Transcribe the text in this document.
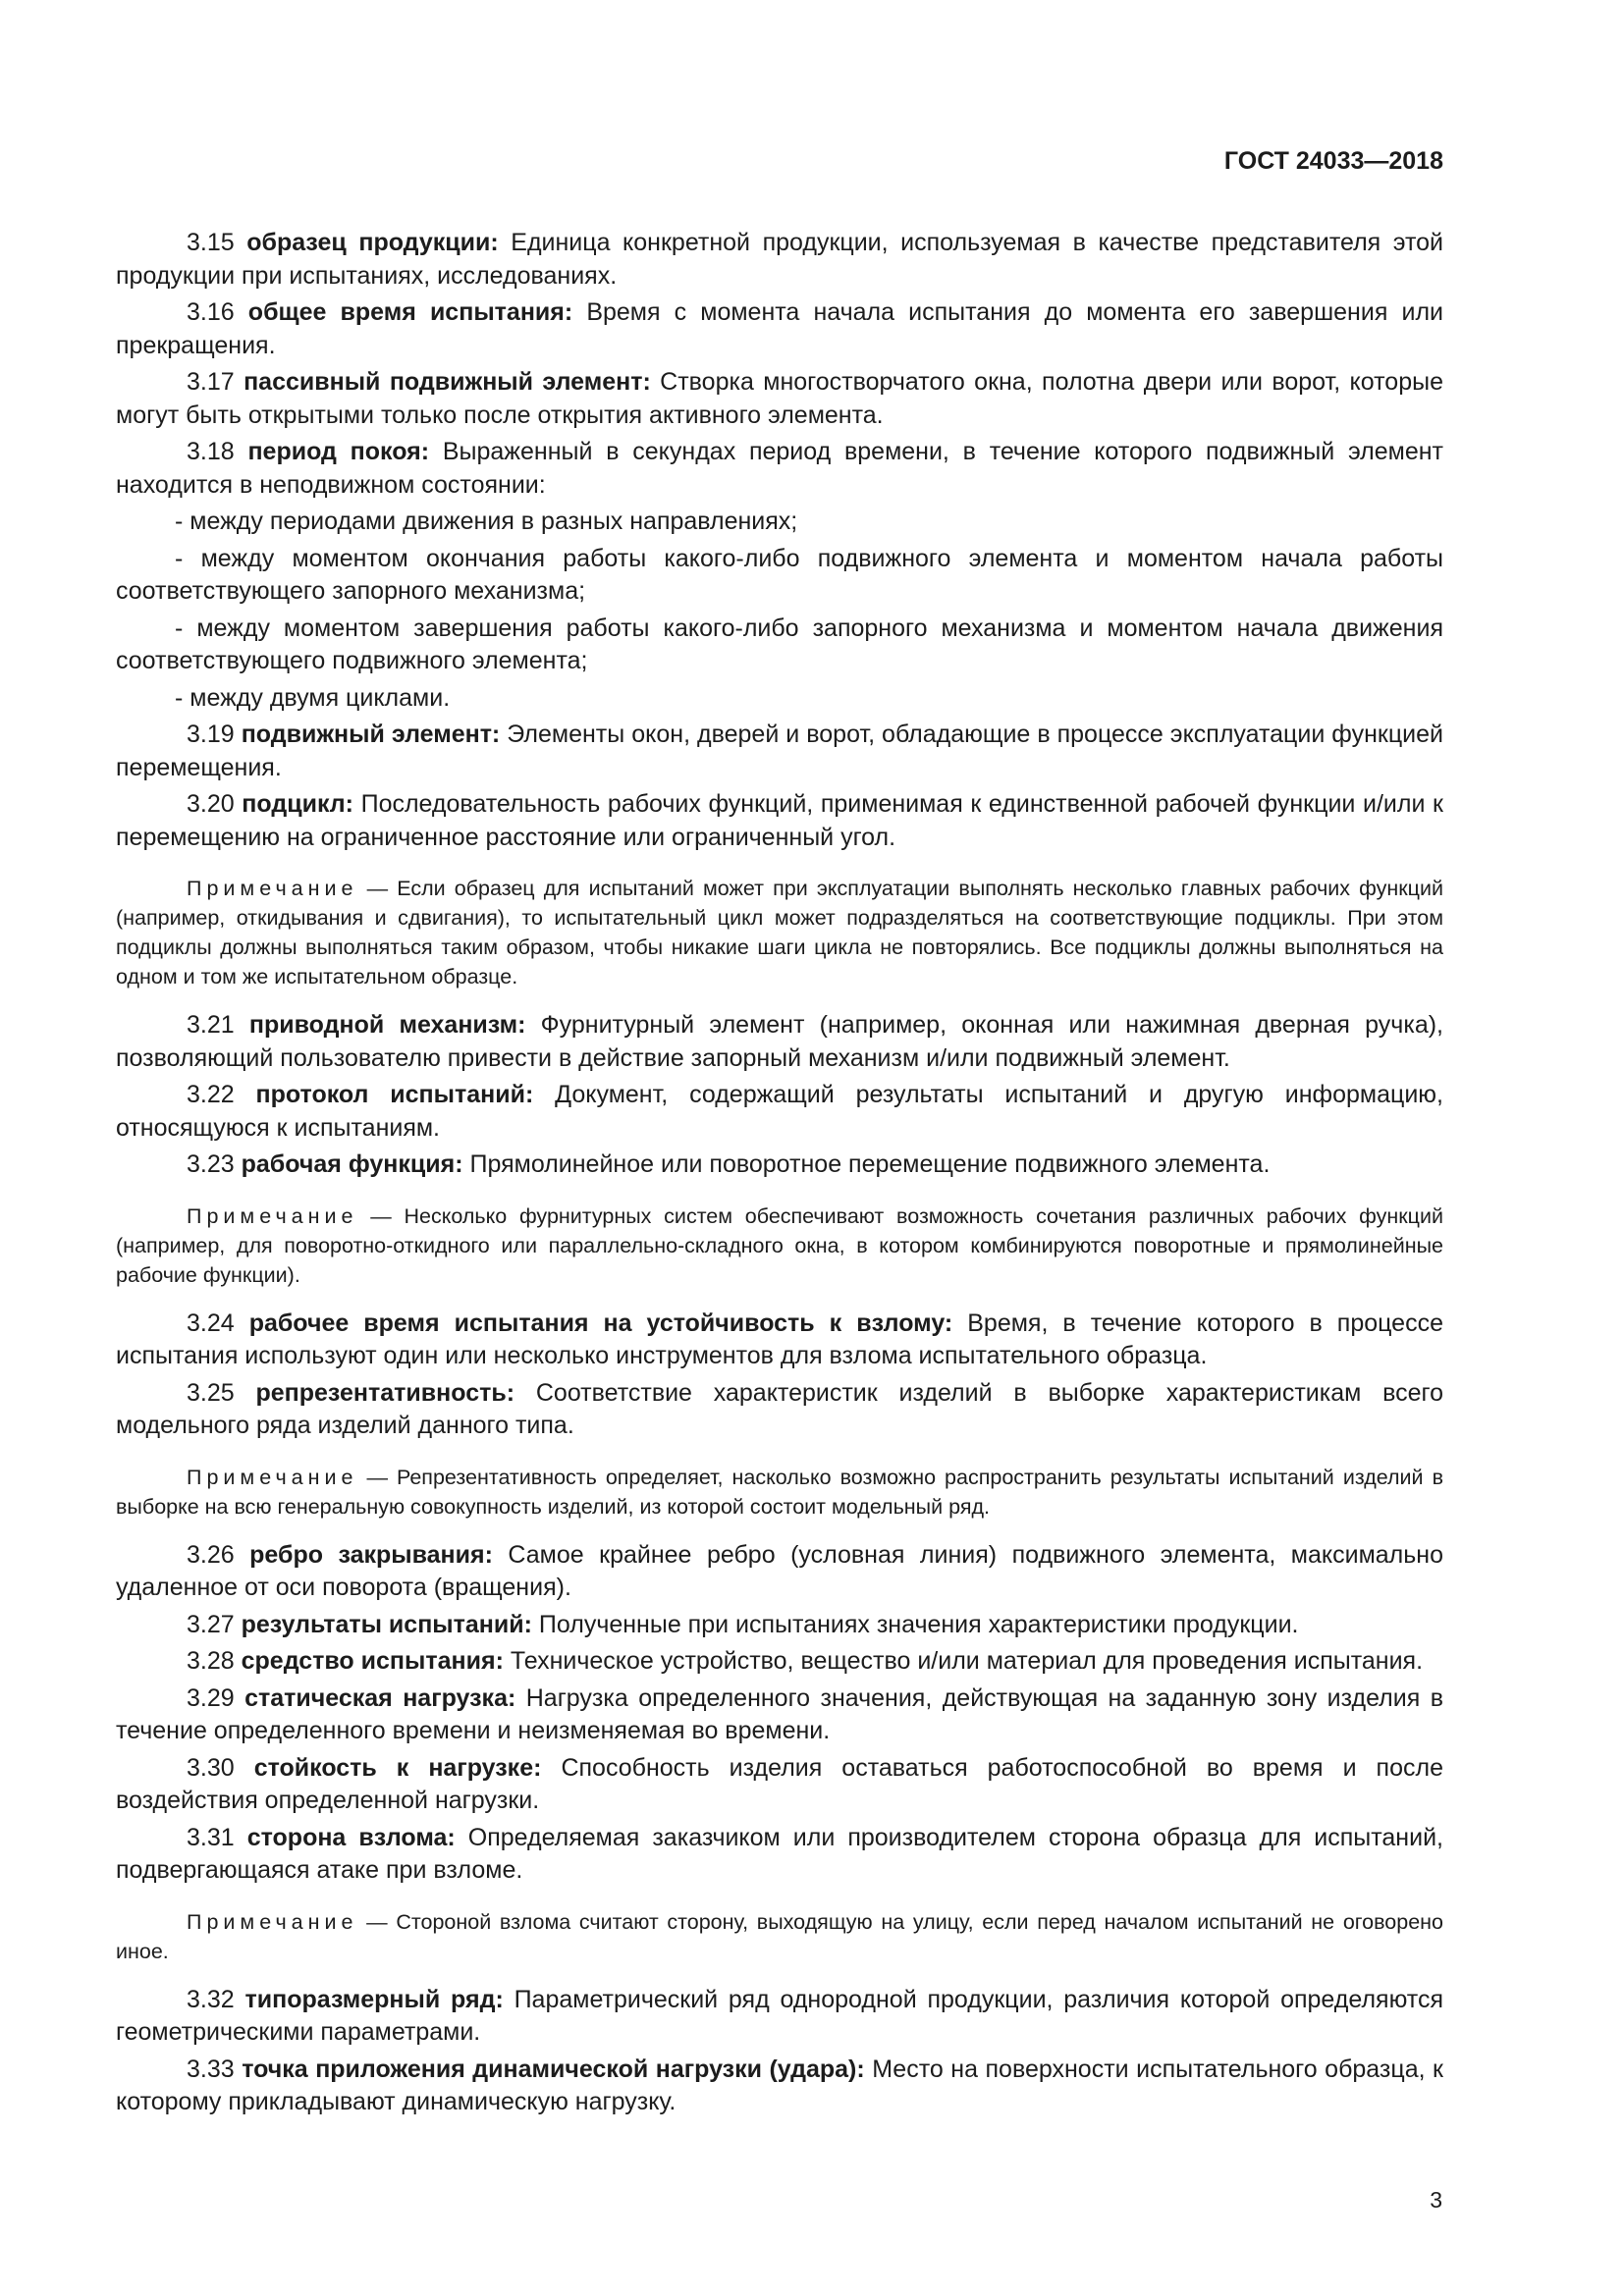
ГОСТ 24033—2018

3.15 образец продукции: Единица конкретной продукции, используемая в качестве представителя этой продукции при испытаниях, исследованиях.

3.16 общее время испытания: Время с момента начала испытания до момента его завершения или прекращения.

3.17 пассивный подвижный элемент: Створка многостворчатого окна, полотна двери или ворот, которые могут быть открытыми только после открытия активного элемента.

3.18 период покоя: Выраженный в секундах период времени, в течение которого подвижный элемент находится в неподвижном состоянии:

- между периодами движения в разных направлениях;

- между моментом окончания работы какого-либо подвижного элемента и моментом начала работы соответствующего запорного механизма;

- между моментом завершения работы какого-либо запорного механизма и моментом начала движения соответствующего подвижного элемента;

- между двумя циклами.

3.19 подвижный элемент: Элементы окон, дверей и ворот, обладающие в процессе эксплуатации функцией перемещения.

3.20 подцикл: Последовательность рабочих функций, применимая к единственной рабочей функции и/или к перемещению на ограниченное расстояние или ограниченный угол.

Примечание — Если образец для испытаний может при эксплуатации выполнять несколько главных рабочих функций (например, откидывания и сдвигания), то испытательный цикл может подразделяться на соответствующие подциклы. При этом подциклы должны выполняться таким образом, чтобы никакие шаги цикла не повторялись. Все подциклы должны выполняться на одном и том же испытательном образце.

3.21 приводной механизм: Фурнитурный элемент (например, оконная или нажимная дверная ручка), позволяющий пользователю привести в действие запорный механизм и/или подвижный элемент.

3.22 протокол испытаний: Документ, содержащий результаты испытаний и другую информацию, относящуюся к испытаниям.

3.23 рабочая функция: Прямолинейное или поворотное перемещение подвижного элемента.

Примечание — Несколько фурнитурных систем обеспечивают возможность сочетания различных рабочих функций (например, для поворотно-откидного или параллельно-складного окна, в котором комбинируются поворотные и прямолинейные рабочие функции).

3.24 рабочее время испытания на устойчивость к взлому: Время, в течение которого в процессе испытания используют один или несколько инструментов для взлома испытательного образца.

3.25 репрезентативность: Соответствие характеристик изделий в выборке характеристикам всего модельного ряда изделий данного типа.

Примечание — Репрезентативность определяет, насколько возможно распространить результаты испытаний изделий в выборке на всю генеральную совокупность изделий, из которой состоит модельный ряд.

3.26 ребро закрывания: Самое крайнее ребро (условная линия) подвижного элемента, максимально удаленное от оси поворота (вращения).

3.27 результаты испытаний: Полученные при испытаниях значения характеристики продукции.

3.28 средство испытания: Техническое устройство, вещество и/или материал для проведения испытания.

3.29 статическая нагрузка: Нагрузка определенного значения, действующая на заданную зону изделия в течение определенного времени и неизменяемая во времени.

3.30 стойкость к нагрузке: Способность изделия оставаться работоспособной во время и после воздействия определенной нагрузки.

3.31 сторона взлома: Определяемая заказчиком или производителем сторона образца для испытаний, подвергающаяся атаке при взломе.

Примечание — Стороной взлома считают сторону, выходящую на улицу, если перед началом испытаний не оговорено иное.

3.32 типоразмерный ряд: Параметрический ряд однородной продукции, различия которой определяются геометрическими параметрами.

3.33 точка приложения динамической нагрузки (удара): Место на поверхности испытательного образца, к которому прикладывают динамическую нагрузку.

3
